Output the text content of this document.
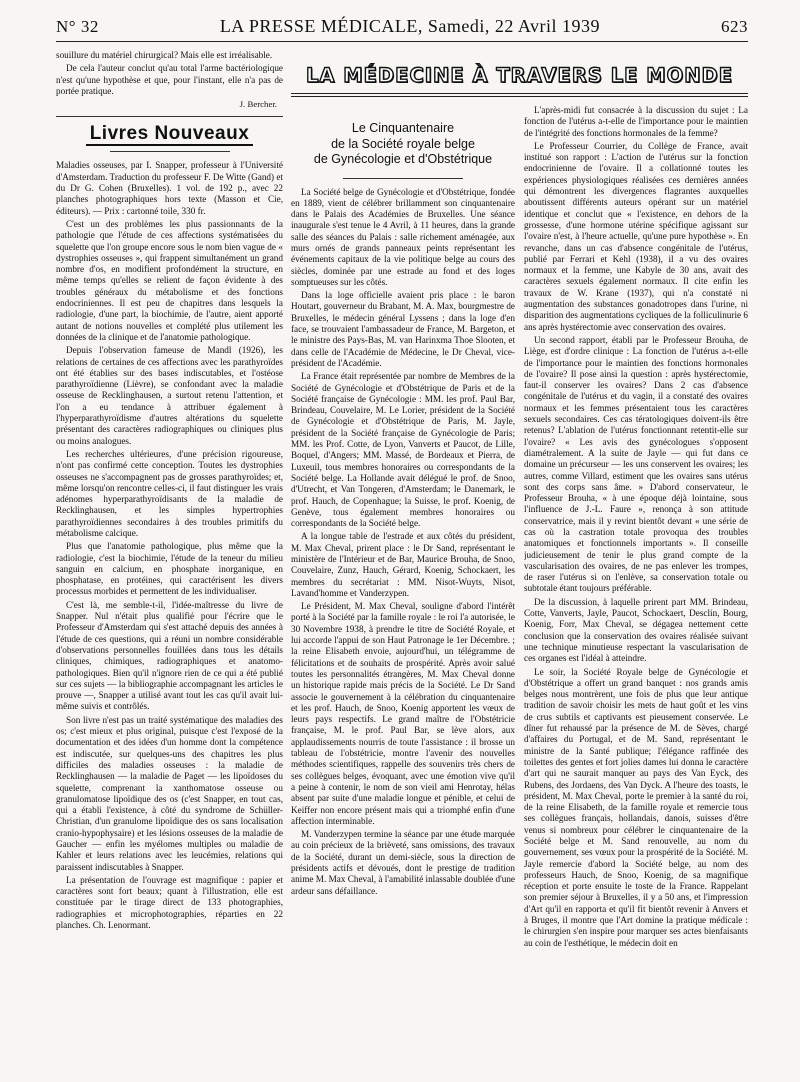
N° 32	LA PRESSE MÉDICALE, Samedi, 22 Avril 1939	623

souillure du matériel chirurgical? Mais elle est irréalisable.

De cela l'auteur conclut qu'au total l'arme bactériologique n'est qu'une hypothèse et que, pour l'instant, elle n'a pas de portée pratique.

J. Bercher.
Livres Nouveaux

Maladies osseuses, par I. Snapper, professeur à l'Université d'Amsterdam. Traduction du professeur F. De Witte (Gand) et du Dr G. Cohen (Bruxelles). 1 vol. de 192 p., avec 22 planches photographiques hors texte (Masson et Cie, éditeurs). — Prix : cartonné toile, 330 fr.

C'est un des problèmes les plus passionnants de la pathologie que l'étude de ces affections systématisées du squelette que l'on groupe encore sous le nom bien vague de « dystrophies osseuses », qui frappent simultanément un grand nombre d'os, en modifient profondément la structure, en même temps qu'elles se relient de façon évidente à des troubles généraux du métabolisme et des fonctions endocriniennes. Il est peu de chapitres dans lesquels la radiologie, d'une part, la biochimie, de l'autre, aient apporté autant de notions nouvelles et complété plus utilement les données de la clinique et de l'anatomie pathologique.

Depuis l'observation fameuse de Mandl (1926), les relations de certaines de ces affections avec les parathyroïdes ont été établies sur des bases indiscutables, et l'ostéose parathyroïdienne (Lièvre), se confondant avec la maladie osseuse de Recklinghausen, a surtout retenu l'attention, et l'on a eu tendance à attribuer également à l'hyperparathyroïdisme d'autres altérations du squelette présentant des caractères radiographiques ou cliniques plus ou moins analogues.

Les recherches ultérieures, d'une précision rigoureuse, n'ont pas confirmé cette conception. Toutes les dystrophies osseuses ne s'accompagnent pas de grosses parathyroïdes; et, même lorsqu'on rencontre celles-ci, il faut distinguer les vrais adénomes hyperparathyroïdisants de la maladie de Recklinghausen, et les simples hypertrophies parathyroïdiennes secondaires à des troubles primitifs du métabolisme calcique.

Plus que l'anatomie pathologique, plus même que la radiologie, c'est la biochimie, l'étude de la teneur du milieu sanguin en calcium, en phosphate inorganique, en phosphatase, en protéines, qui caractérisent les divers processus morbides et permettent de les individualiser.

C'est là, me semble-t-il, l'idée-maîtresse du livre de Snapper. Nul n'était plus qualifié pour l'écrire que le Professeur d'Amsterdam qui s'est attaché depuis des années à l'étude de ces questions, qui a réuni un nombre considérable d'observations personnelles fouillées dans tous les détails cliniques, chimiques, radiographiques et anatomo-pathologiques. Bien qu'il n'ignore rien de ce qui a été publié sur ces sujets — la bibliographie accompagnant les articles le prouve —, Snapper a utilisé avant tout les cas qu'il avait lui-même suivis et contrôlés.

Son livre n'est pas un traité systématique des maladies des os; c'est mieux et plus original, puisque c'est l'exposé de la documentation et des idées d'un homme dont la compétence est indiscutée, sur quelques-uns des chapitres les plus difficiles des maladies osseuses : la maladie de Recklinghausen — la maladie de Paget — les lipoïdoses du squelette, comprenant la xanthomatose osseuse ou granulomatose lipoïdique des os (c'est Snapper, en tout cas, qui a établi l'existence, à côté du syndrome de Schüller-Christian, d'un granulome lipoïdique des os sans localisation cranio-hypophysaire) et les lésions osseuses de la maladie de Gaucher — enfin les myélomes multiples ou maladie de Kahler et leurs relations avec les leucémies, relations qui paraissent indiscutables à Snapper.

La présentation de l'ouvrage est magnifique : papier et caractères sont fort beaux; quant à l'illustration, elle est constituée par le tirage direct de 133 photographies, radiographies et microphotographies, réparties en 22 planches. Ch. Lenormant.

LA MÉDECINE À TRAVERS LE MONDE
Le Cinquantenaire
de la Société royale belge
de Gynécologie et d'Obstétrique

La Société belge de Gynécologie et d'Obstétrique, fondée en 1889, vient de célébrer brillamment son cinquantenaire dans le Palais des Académies de Bruxelles. Une séance inaugurale s'est tenue le 4 Avril, à 11 heures, dans la grande salle des séances du Palais : salle richement aménagée, aux murs ornés de grands panneaux peints représentant les événements capitaux de la vie politique belge au cours des siècles, dominée par une estrade au fond et des loges somptueuses sur les côtés.

Dans la loge officielle avaient pris place : le baron Houtart, gouverneur du Brabant, M. A. Max, bourgmestre de Bruxelles, le médecin général Lyssens ; dans la loge d'en face, se trouvaient l'ambassadeur de France, M. Bargeton, et le ministre des Pays-Bas, M. van Harinxma Thoe Slooten, et dans celle de l'Académie de Médecine, le Dr Cheval, vice-président de l'Académie.

La France était représentée par nombre de Membres de la Société de Gynécologie et d'Obstétrique de Paris et de la Société française de Gynécologie : MM. les prof. Paul Bar, Brindeau, Couvelaire, M. Le Lorier, président de la Société de Gynécologie et d'Obstétrique de Paris, M. Jayle, président de la Société française de Gynécologie de Paris; MM. les Prof. Cotte, de Lyon, Vanverts et Paucot, de Lille, Boquel, d'Angers; MM. Massé, de Bordeaux et Pierra, de Luxeuil, tous membres honoraires ou correspondants de la Société belge. La Hollande avait délégué le prof. de Snoo, d'Utrecht, et Van Tongeren, d'Amsterdam; le Danemark, le prof. Hauch, de Copenhague; la Suisse, le prof. Koenig, de Genève, tous également membres honoraires ou correspondants de la Société belge.

A la longue table de l'estrade et aux côtés du président, M. Max Cheval, prirent place : le Dr Sand, représentant le ministère de l'Intérieur et de Bar, Maurice Brouha, de Snoo, Couvelaire, Zunz, Hauch, Gérard, Koenig, Schockaert, les membres du secrétariat : MM. Nisot-Wuyts, Nisot, Lavand'homme et Vanderzypen.

Le Président, M. Max Cheval, souligne d'abord l'intérêt porté à la Société par la famille royale : le roi l'a autorisée, le 30 Novembre 1938, à prendre le titre de Société Royale, et lui accorde l'appui de son Haut Patronage le 1er Décembre. ; la reine Elisabeth envoie, aujourd'hui, un télégramme de félicitations et de souhaits de prospérité. Après avoir salué toutes les personnalités étrangères, M. Max Cheval donne un historique rapide mais précis de la Société. Le Dr Sand associe le gouvernement à la célébration du cinquantenaire et les prof. Hauch, de Snoo, Koenig apportent les vœux de leurs pays respectifs. Le grand maître de l'Obstétricie française, M. le prof. Paul Bar, se lève alors, aux applaudissements nourris de toute l'assistance : il brosse un tableau de l'obstétricie, montre l'avenir des nouvelles méthodes scientifiques, rappelle des souvenirs très chers de ses collègues belges, évoquant, avec une émotion vive qu'il a peine à contenir, le nom de son vieil ami Henrotay, hélas absent par suite d'une maladie longue et pénible, et celui de Keiffer non encore présent mais qui a triomphé enfin d'une affection interminable.

M. Vanderzypen termine la séance par une étude marquée au coin précieux de la brièveté, sans omissions, des travaux de la Société, durant un demi-siècle, sous la direction de présidents actifs et dévoués, dont le prestige de tradition anime M. Max Cheval, à l'amabilité inlassable doublée d'une ardeur sans défaillance.

L'après-midi fut consacrée à la discussion du sujet : La fonction de l'utérus a-t-elle de l'importance pour le maintien de l'intégrité des fonctions hormonales de la femme?

Le Professeur Courrier, du Collège de France, avait institué son rapport : L'action de l'utérus sur la fonction endocrinienne de l'ovaire. Il a collationné toutes les expériences physiologiques réalisées ces dernières années qui démontrent les divergences flagrantes auxquelles aboutissent différents auteurs opérant sur un matériel identique et conclut que « l'existence, en dehors de la grossesse, d'une hormone utérine spécifique agissant sur l'ovaire n'est, à l'heure actuelle, qu'une pure hypothèse ». En revanche, dans un cas d'absence congénitale de l'utérus, publié par Ferrari et Kehl (1938), il a vu des ovaires normaux et la femme, une Kabyle de 30 ans, avait des caractères sexuels également normaux. Il cite enfin les travaux de W. Krane (1937), qui n'a constaté ni augmentation des substances gonadotropes dans l'urine, ni disparition des augmentations cycliques de la folliculinurie 6 ans après hystérectomie avec conservation des ovaires.

Un second rapport, établi par le Professeur Brouha, de Liège, est d'ordre clinique : La fonction de l'utérus a-t-elle de l'importance pour le maintien des fonctions hormonales de l'ovaire? Il pose ainsi la question : après hystérectomie, faut-il conserver les ovaires? Dans 2 cas d'absence congénitale de l'utérus et du vagin, il a constaté des ovaires normaux et les femmes présentaient tous les caractères sexuels secondaires. Ces cas tératologiques doivent-ils être retenus? L'ablation de l'utérus fonctionnant retentit-elle sur l'ovaire? « Les avis des gynécologues s'opposent diamétralement. A la suite de Jayle — qui fut dans ce domaine un précurseur — les uns conservent les ovaires; les autres, comme Villard, estiment que les ovaires sans utérus sont des corps sans âme. » D'abord conservateur, le Professeur Brouha, « à une époque déjà lointaine, sous l'influence de J.-L. Faure », renonça à son attitude conservatrice, mais il y revint bientôt devant « une série de cas où la castration totale provoqua des troubles anatomiques et fonctionnels importants ». Il conseille judicieusement de tenir le plus grand compte de la vascularisation des ovaires, de ne pas enlever les trompes, de raser l'utérus si on l'enlève, sa conservation totale ou subtotale étant toujours préférable.

De la discussion, à laquelle prirent part MM. Brindeau, Cotte, Vanverts, Jayle, Paucot, Schockaert, Desclin, Bourg, Koenig, Forr, Max Cheval, se dégagea nettement cette conclusion que la conservation des ovaires réalisée suivant une technique minutieuse respectant la vascularisation de ces organes est l'idéal à atteindre.

Le soir, la Société Royale belge de Gynécologie et d'Obstétrique a offert un grand banquet : nos grands amis belges nous montrèrent, une fois de plus que leur antique tradition de savoir choisir les mets de haut goût et les vins de crus subtils et captivants est pieusement conservée. Le dîner fut rehaussé par la présence de M. de Sèves, chargé d'affaires du Portugal, et de M. Sand, représentant le ministre de la Santé publique; l'élégance raffinée des toilettes des gentes et fort jolies dames lui donna le caractère d'art qui ne saurait manquer au pays des Van Eyck, des Rubens, des Jordaens, des Van Dyck. A l'heure des toasts, le président, M. Max Cheval, porte le premier à la santé du roi, de la reine Elisabeth, de la famille royale et remercie tous ses collègues français, hollandais, danois, suisses d'être venus si nombreux pour célébrer le cinquantenaire de la Société belge et M. Sand renouvelle, au nom du gouvernement, ses vœux pour la prospérité de la Société. M. Jayle remercie d'abord la Société belge, au nom des professeurs Hauch, de Snoo, Koenig, de sa magnifique réception et porte ensuite le toste de la France. Rappelant son premier séjour à Bruxelles, il y a 50 ans, et l'impression d'Art qu'il en rapporta et qu'il fit bientôt revenir à Anvers et à Bruges, il montre que l'Art domine la pratique médicale : le chirurgien s'en inspire pour marquer ses actes bienfaisants au coin de l'esthétique, le médecin doit en
